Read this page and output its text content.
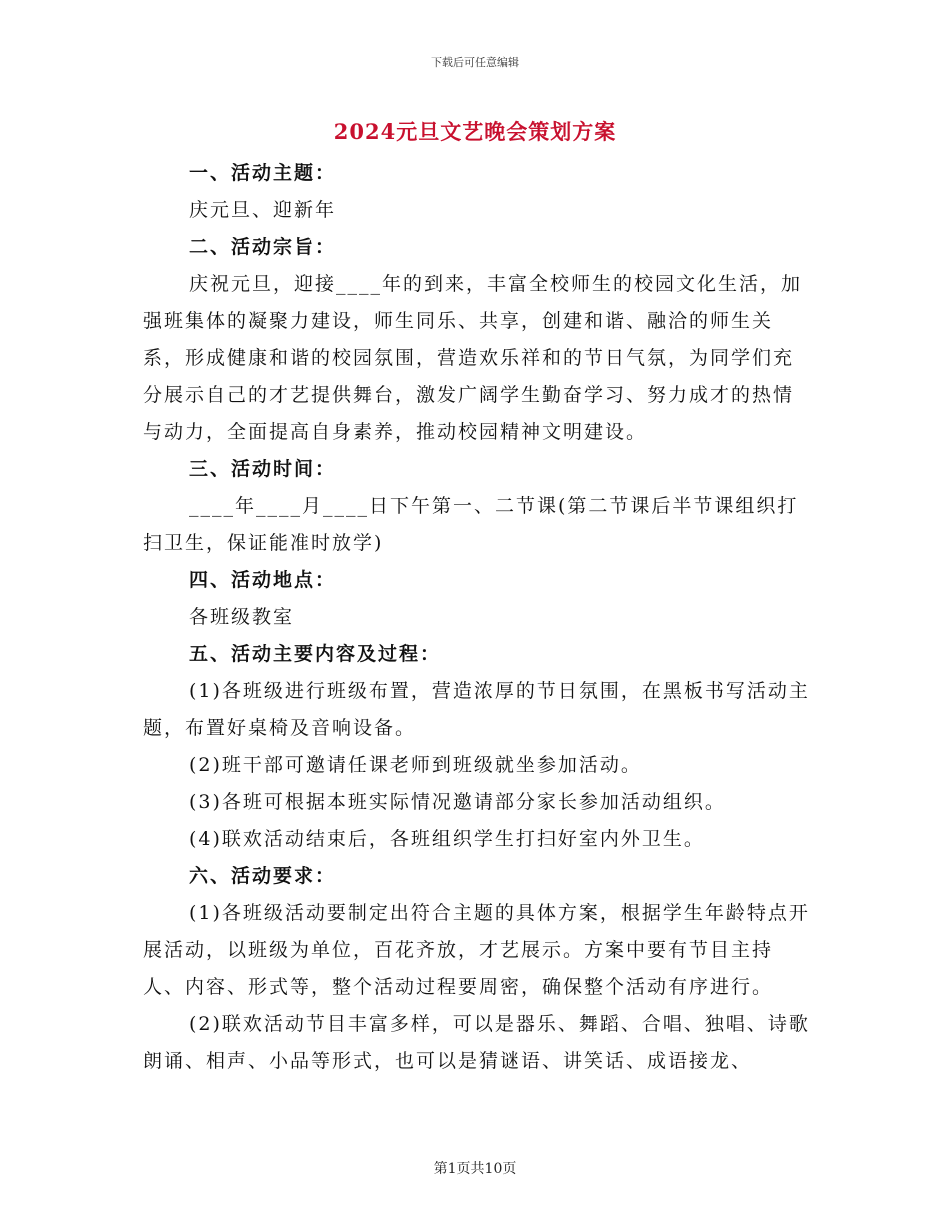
下载后可任意编辑
2024元旦文艺晚会策划方案

一、活动主题：

庆元旦、迎新年

二、活动宗旨：

庆祝元旦，迎接____年的到来，丰富全校师生的校园文化生活，加强班集体的凝聚力建设，师生同乐、共享，创建和谐、融洽的师生关系，形成健康和谐的校园氛围，营造欢乐祥和的节日气氛，为同学们充分展示自己的才艺提供舞台，激发广阔学生勤奋学习、努力成才的热情与动力，全面提高自身素养，推动校园精神文明建设。

三、活动时间：

____年____月____日下午第一、二节课(第二节课后半节课组织打扫卫生，保证能准时放学)

四、活动地点：

各班级教室

五、活动主要内容及过程：

(1)各班级进行班级布置，营造浓厚的节日氛围，在黑板书写活动主题，布置好桌椅及音响设备。

(2)班干部可邀请任课老师到班级就坐参加活动。

(3)各班可根据本班实际情况邀请部分家长参加活动组织。

(4)联欢活动结束后，各班组织学生打扫好室内外卫生。

六、活动要求：

(1)各班级活动要制定出符合主题的具体方案，根据学生年龄特点开展活动，以班级为单位，百花齐放，才艺展示。方案中要有节目主持人、内容、形式等，整个活动过程要周密，确保整个活动有序进行。

(2)联欢活动节目丰富多样，可以是器乐、舞蹈、合唱、独唱、诗歌朗诵、相声、小品等形式，也可以是猜谜语、讲笑话、成语接龙、

第1页共10页
